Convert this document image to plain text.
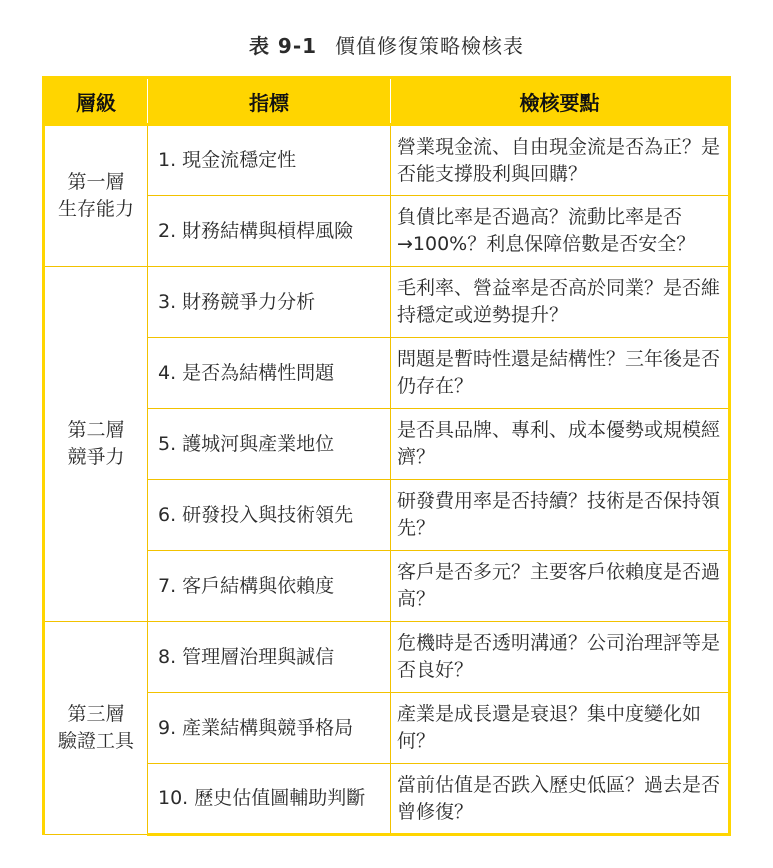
表 9-1 價值修復策略檢核表
層級	指標	檢核要點

第一層
生存能力	1. 現金流穩定性	營業現金流、自由現金流是否為正？是否能支撐股利與回購？
	2. 財務結構與槓桿風險	負債比率是否過高？流動比率是否→100%？利息保障倍數是否安全？

第二層
競爭力	3. 財務競爭力分析	毛利率、營益率是否高於同業？是否維持穩定或逆勢提升？
	4. 是否為結構性問題	問題是暫時性還是結構性？三年後是否仍存在？
	5. 護城河與產業地位	是否具品牌、專利、成本優勢或規模經濟？
	6. 研發投入與技術領先	研發費用率是否持續？技術是否保持領先？
	7. 客戶結構與依賴度	客戶是否多元？主要客戶依賴度是否過高？

第三層
驗證工具	8. 管理層治理與誠信	危機時是否透明溝通？公司治理評等是否良好？
	9. 產業結構與競爭格局	產業是成長還是衰退？集中度變化如何？
	10. 歷史估值圖輔助判斷	當前估值是否跌入歷史低區？過去是否曾修復？
